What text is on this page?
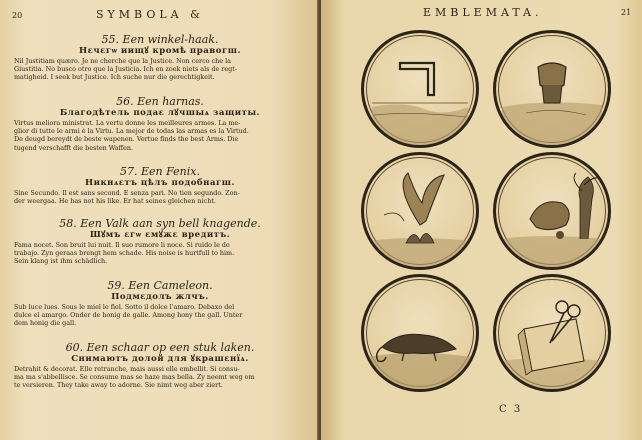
20	SYMBOLA &
55. Een winkel-haak.
Нεчεгѡ иищꙋ кромѣ правогш.
Nil Justitiam quæro. Je ne cherche que la Justice. Non cerco che la
Giustitia. No busco otro que la Justicia. Ich en zoek niets als de regt-
matigheid. I seek but Justice. Ich suche nur die gerechtigkeit.
56. Een harnas.
Благодѣтель подаε лꙋчшыѧ защиты.
Virtus meliora ministrat. La vertu donne les meilleures armes. La me-
glior di tutte le armi è la Virtu. La mejor de todas las armas es la Virtud.
De deugd bereydt de beste wapenen. Vertue finds the best Arms. Die
tugend verschafft die besten Waffen.
57. Een Fenix.
Никнѧεтъ цѣлъ подобнагш.
Sine Secundo. Il est sans second. E senza pari. No tien segundo. Zon-
der weergaa. He has not his like. Er hat seines gleichen nicht.
58. Een Valk aan syn bell knagende.
Шꙋмъ εгѡ εмꙋжε вредитъ.
Fama nocet. Son bruit lui nuit. Il suo rumore li noce. Si ruido le de
trabajo. Zyn geraas brengt hem schade. His noise is hurtfull to him.
Sein klang ist ihm schädlich.
59. Een Cameleon.
Подмεдолъ жлчъ.
Sub luce lues. Sous le miel le fiel. Sotto il dolce l'amaro. Debaxo del
dulce el amargo. Onder de honig de galle. Among hony the gall. Unter
dem honig die gall.
60. Een schaar op een stuk laken.
Снимаютъ долой для ꙋкрашεнїѧ.
Detrahit & decorat. Elle retranche, mais aussi elle embellit. Si consu-
ma ma s'abbellisce. Se consume mas se haze mas bella. Zy neemt weg om
te versieren. They take away to adorne. Sie nimt weg aber ziert.
EMBLEMATA.	21
55	56
57	58
59	60
C 3
